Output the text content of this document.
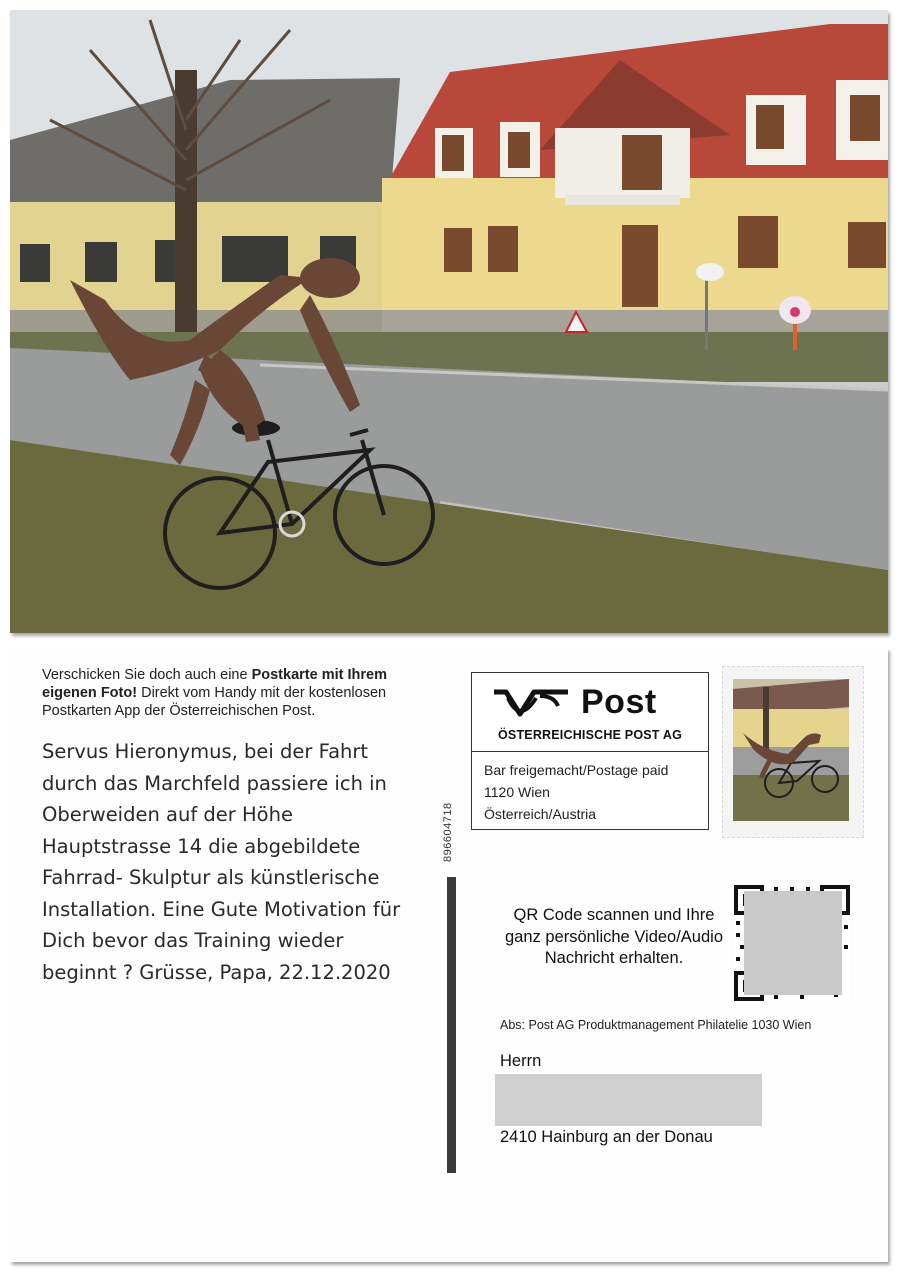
Verschicken Sie doch auch eine Postkarte mit Ihrem eigenen Foto! Direkt vom Handy mit der kostenlosen Postkarten App der Österreichischen Post.
Servus Hieronymus, bei der Fahrt durch das Marchfeld passiere ich in Oberweiden auf der Höhe Hauptstrasse 14 die abgebildete Fahrrad- Skulptur als künstlerische Installation. Eine Gute Motivation für Dich bevor das Training wieder beginnt ? Grüsse, Papa, 22.12.2020
896604718
Post
ÖSTERREICHISCHE POST AG
Bar freigemacht/Postage paid
1120 Wien
Österreich/Austria
QR Code scannen und Ihre ganz persönliche Video/Audio Nachricht erhalten.
Abs: Post AG Produktmanagement Philatelie 1030 Wien
Herrn
2410 Hainburg an der Donau
